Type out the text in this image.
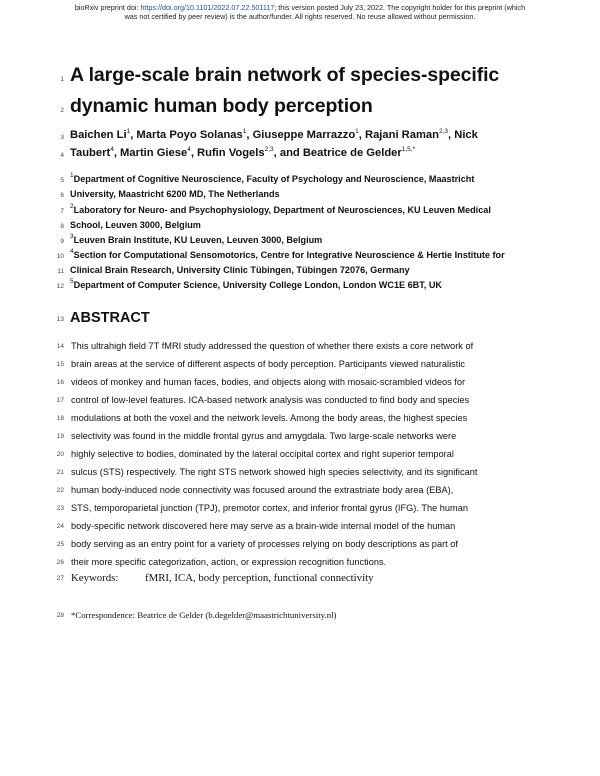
bioRxiv preprint doi: https://doi.org/10.1101/2022.07.22.501117; this version posted July 23, 2022. The copyright holder for this preprint (which
was not certified by peer review) is the author/funder. All rights reserved. No reuse allowed without permission.
1
2
3
4
5
6
7
8
9
10
11
12
13
14
15
16
17
18
19
20
21
22
23
24
25
26
27
28
A large-scale brain network of species-specific
dynamic human body perception
Baichen Li$^1$, Marta Poyo Solanas$^1$, Giuseppe Marrazzo$^1$, Rajani Raman$^{2,3}$, Nick
Taubert$^4$, Martin Giese$^4$, Rufin Vogels$^{2,3}$, and Beatrice de Gelder$^{1,5,*}$
$^1$Department of Cognitive Neuroscience, Faculty of Psychology and Neuroscience, Maastricht
University, Maastricht 6200 MD, The Netherlands
$^2$Laboratory for Neuro- and Psychophysiology, Department of Neurosciences, KU Leuven Medical
School, Leuven 3000, Belgium
$^3$Leuven Brain Institute, KU Leuven, Leuven 3000, Belgium
$^4$Section for Computational Sensomotorics, Centre for Integrative Neuroscience & Hertie Institute for
Clinical Brain Research, University Clinic Tübingen, Tübingen 72076, Germany
$^5$Department of Computer Science, University College London, London WC1E 6BT, UK
ABSTRACT
This ultrahigh field 7T fMRI study addressed the question of whether there exists a core network of
brain areas at the service of different aspects of body perception. Participants viewed naturalistic
videos of monkey and human faces, bodies, and objects along with mosaic-scrambled videos for
control of low-level features. ICA-based network analysis was conducted to find body and species
modulations at both the voxel and the network levels. Among the body areas, the highest species
selectivity was found in the middle frontal gyrus and amygdala. Two large-scale networks were
highly selective to bodies, dominated by the lateral occipital cortex and right superior temporal
sulcus (STS) respectively. The right STS network showed high species selectivity, and its significant
human body-induced node connectivity was focused around the extrastriate body area (EBA),
STS, temporoparietal junction (TPJ), premotor cortex, and inferior frontal gyrus (IFG). The human
body-specific network discovered here may serve as a brain-wide internal model of the human
body serving as an entry point for a variety of processes relying on body descriptions as part of
their more specific categorization, action, or expression recognition functions.
Keywords: fMRI, ICA, body perception, functional connectivity
*Correspondence: Beatrice de Gelder (b.degelder@maastrichtuniversity.nl)
